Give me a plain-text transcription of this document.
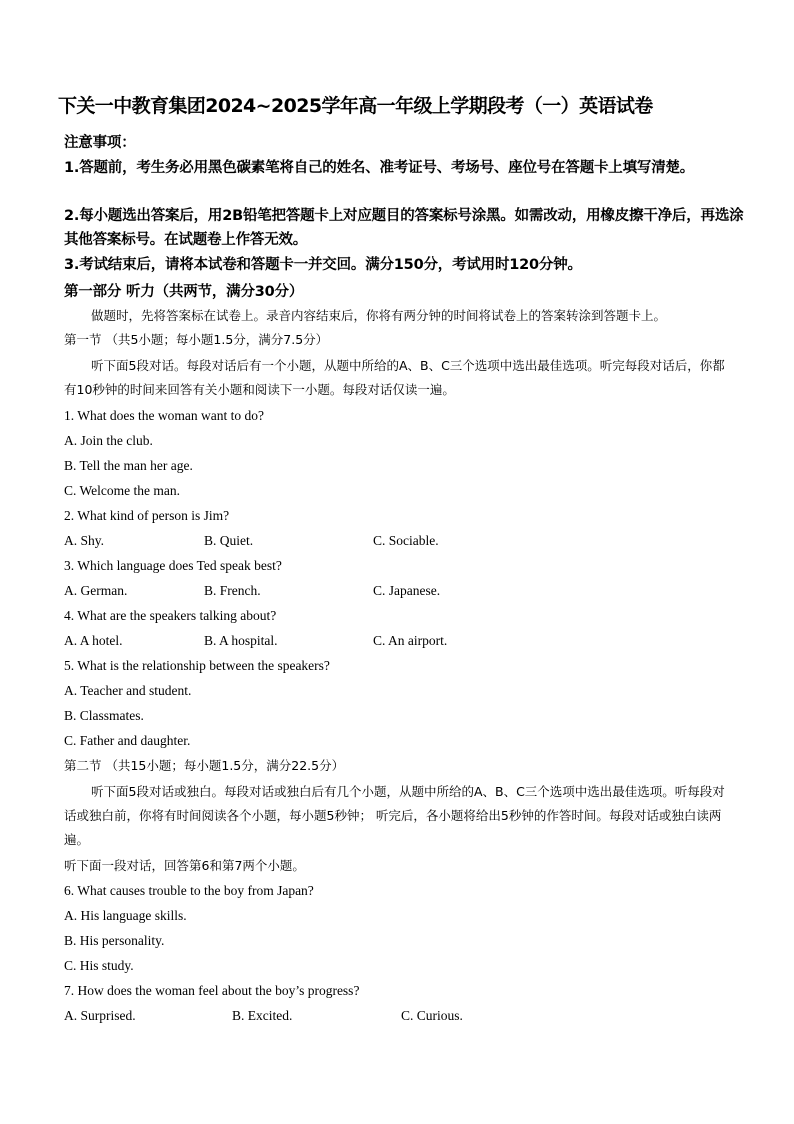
下关一中教育集团2024~2025学年高一年级上学期段考（一）英语试卷
注意事项：
1.答题前，考生务必用黑色碳素笔将自己的姓名、准考证号、考场号、座位号在答题卡上填写清楚。
2.每小题选出答案后，用2B铅笔把答题卡上对应题目的答案标号涂黑。如需改动，用橡皮擦干净后，再选涂其他答案标号。在试题卷上作答无效。
3.考试结束后，请将本试卷和答题卡一并交回。满分150分，考试用时120分钟。
第一部分 听力（共两节，满分30分）
做题时，先将答案标在试卷上。录音内容结束后，你将有两分钟的时间将试卷上的答案转涂到答题卡上。
第一节 （共5小题；每小题1.5分，满分7.5分）
听下面5段对话。每段对话后有一个小题，从题中所给的A、B、C三个选项中选出最佳选项。听完每段对话后，你都有10秒钟的时间来回答有关小题和阅读下一小题。每段对话仅读一遍。
1. What does the woman want to do?
A. Join the club.
B. Tell the man her age.
C. Welcome the man.
2. What kind of person is Jim?
A. Shy.	B. Quiet.	C. Sociable.
3. Which language does Ted speak best?
A. German.	B. French.	C. Japanese.
4. What are the speakers talking about?
A. A hotel.	B. A hospital.	C. An airport.
5. What is the relationship between the speakers?
A. Teacher and student.
B. Classmates.
C. Father and daughter.
第二节 （共15小题；每小题1.5分，满分22.5分）
听下面5段对话或独白。每段对话或独白后有几个小题，从题中所给的A、B、C三个选项中选出最佳选项。听每段对话或独白前，你将有时间阅读各个小题，每小题5秒钟； 听完后，各小题将给出5秒钟的作答时间。每段对话或独白读两遍。
听下面一段对话，回答第6和第7两个小题。
6. What causes trouble to the boy from Japan?
A. His language skills.
B. His personality.
C. His study.
7. How does the woman feel about the boy’s progress?
A. Surprised.	B. Excited.	C. Curious.
